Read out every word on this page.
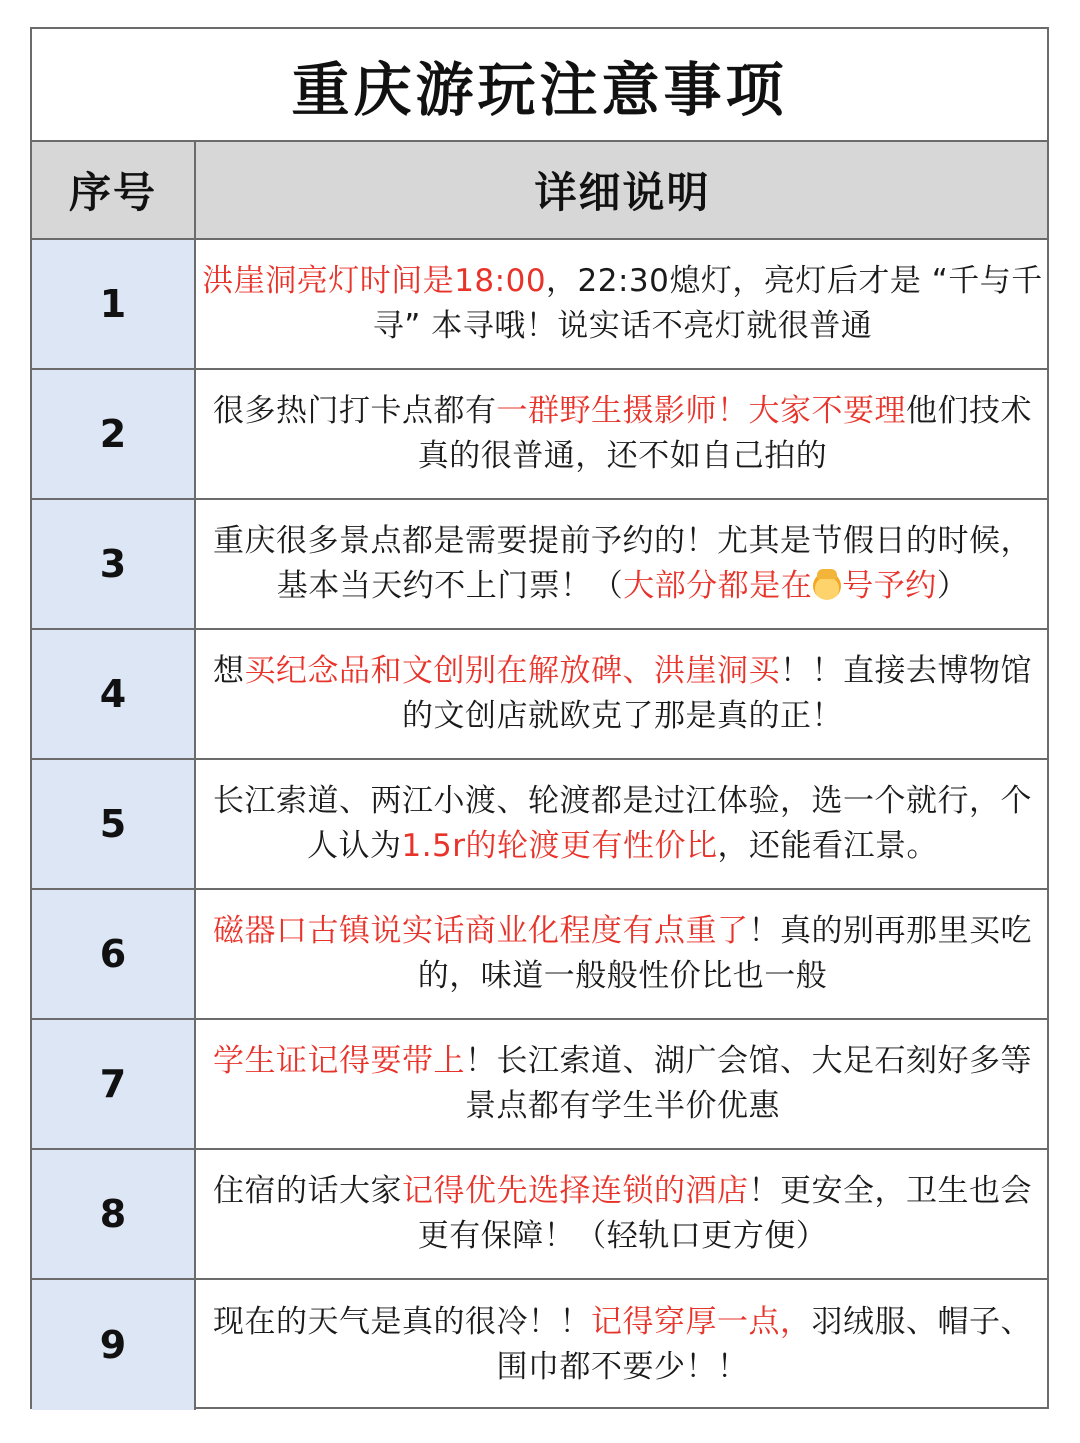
重庆游玩注意事项
序号	详细说明
1
洪崖洞亮灯时间是18:00，22:30熄灯，亮灯后才是 “千与千寻” 本寻哦！说实话不亮灯就很普通
2
很多热门打卡点都有一群野生摄影师！大家不要理他们技术真的很普通，还不如自己拍的
3
重庆很多景点都是需要提前予约的！尤其是节假日的时候，基本当天约不上门票！（大部分都是在 号予约）
4
想买纪念品和文创别在解放碑、洪崖洞买！！直接去博物馆的文创店就欧克了那是真的正！
5
长江索道、两江小渡、轮渡都是过江体验，选一个就行，个人认为1.5r的轮渡更有性价比，还能看江景。
6
磁器口古镇说实话商业化程度有点重了！真的别再那里买吃的，味道一般般性价比也一般
7
学生证记得要带上！长江索道、湖广会馆、大足石刻好多等景点都有学生半价优惠
8
住宿的话大家记得优先选择连锁的酒店！更安全，卫生也会更有保障！（轻轨口更方便）
9
现在的天气是真的很冷！！记得穿厚一点，羽绒服、帽子、围巾都不要少！！
